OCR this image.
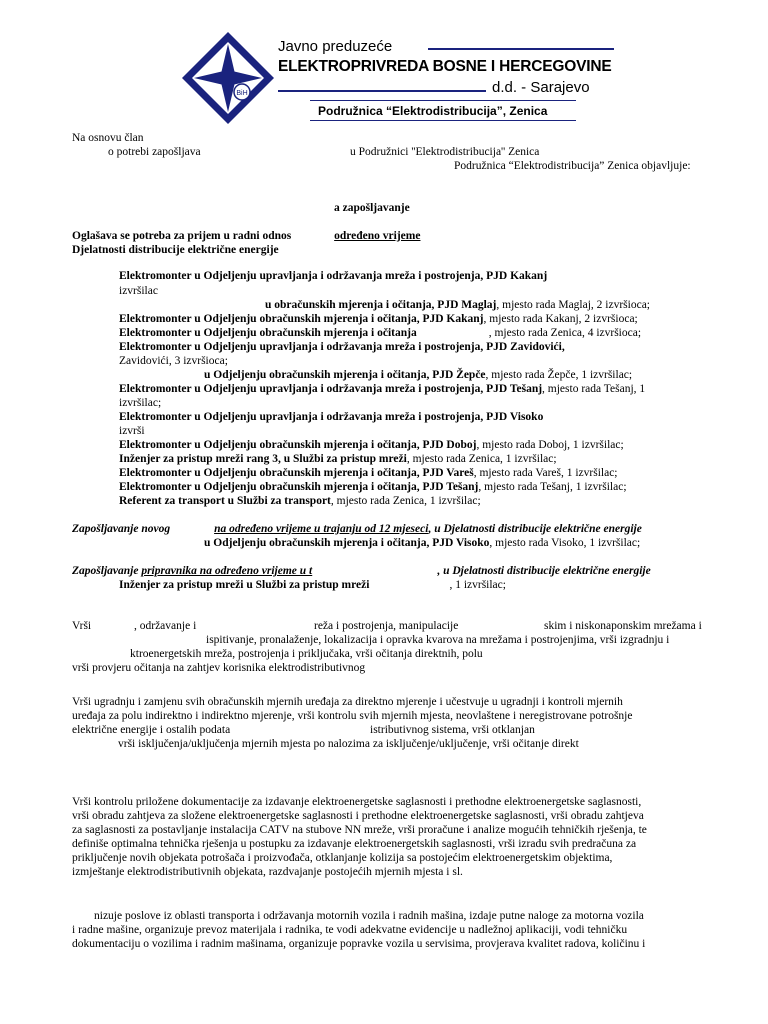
BiH
Javno preduzeće
ELEKTROPRIVREDA BOSNE I HERCEGOVINE
d.d. - Sarajevo
Podružnica “Elektrodistribucija”, Zenica
Na osnovu član
o potrebi zapošljava	u Podružnici ''Elektrodistribucija'' Zenica
Podružnica “Elektrodistribucija” Zenica objavljuje:
a zapošljavanje
Oglašava se potreba za prijem u radni odnos	određeno vrijeme
Djelatnosti distribucije električne energije
Elektromonter u Odjeljenju upravljanja i održavanja mreža i postrojenja, PJD Kakanj
izvršilac
u obračunskih mjerenja i očitanja, PJD Maglaj, mjesto rada Maglaj, 2 izvršioca;
Elektromonter u Odjeljenju obračunskih mjerenja i očitanja, PJD Kakanj, mjesto rada Kakanj, 2 izvršioca;
Elektromonter u Odjeljenju obračunskih mjerenja i očitanja	, mjesto rada Zenica, 4 izvršioca;
Elektromonter u Odjeljenju upravljanja i održavanja mreža i postrojenja, PJD Zavidovići,
Zavidovići, 3 izvršioca;
u Odjeljenju obračunskih mjerenja i očitanja, PJD Žepče, mjesto rada Žepče, 1 izvršilac;
Elektromonter u Odjeljenju upravljanja i održavanja mreža i postrojenja, PJD Tešanj, mjesto rada Tešanj, 1
izvršilac;
Elektromonter u Odjeljenju upravljanja i održavanja mreža i postrojenja, PJD Visoko
izvrši
Elektromonter u Odjeljenju obračunskih mjerenja i očitanja, PJD Doboj, mjesto rada Doboj, 1 izvršilac;
Inženjer za pristup mreži rang 3, u Službi za pristup mreži, mjesto rada Zenica, 1 izvršilac;
Elektromonter u Odjeljenju obračunskih mjerenja i očitanja, PJD Vareš, mjesto rada Vareš, 1 izvršilac;
Elektromonter u Odjeljenju obračunskih mjerenja i očitanja, PJD Tešanj, mjesto rada Tešanj, 1 izvršilac;
Referent za transport u Službi za transport, mjesto rada Zenica, 1 izvršilac;
Zapošljavanje novog	na određeno vrijeme u trajanju od 12 mjeseci, u Djelatnosti distribucije električne energije
u Odjeljenju obračunskih mjerenja i očitanja, PJD Visoko, mjesto rada Visoko, 1 izvršilac;
Zapošljavanje pripravnika na određeno vrijeme u t	, u Djelatnosti distribucije električne energije
Inženjer za pristup mreži u Službi za pristup mreži	, 1 izvršilac;
Vrši	, održavanje i	reža i postrojenja, manipulacije	skim i niskonaponskim mrežama i
ispitivanje, pronalaženje, lokalizacija i opravka kvarova na mrežama i postrojenjima, vrši izgradnju i
ktroenergetskih mreža, postrojenja i priključaka, vrši očitanja direktnih, polu
vrši provjeru očitanja na zahtjev korisnika elektrodistributivnog
Vrši ugradnju i zamjenu svih obračunskih mjernih uređaja za direktno mjerenje i učestvuje u ugradnji i kontroli mjernih
uređaja za polu indirektno i indirektno mjerenje, vrši kontrolu svih mjernih mjesta, neovlaštene i neregistrovane potrošnje
električne energije i ostalih podata	istributivnog sistema, vrši otklanjan
vrši isključenja/uključenja mjernih mjesta po nalozima za isključenje/uključenje, vrši očitanje direkt
Vrši kontrolu priložene dokumentacije za izdavanje elektroenergetske saglasnosti i prethodne elektroenergetske saglasnosti,
vrši obradu zahtjeva za složene elektroenergetske saglasnosti i prethodne elektroenergetske saglasnosti, vrši obradu zahtjeva
za saglasnosti za postavljanje instalacija CATV na stubove NN mreže, vrši proračune i analize mogućih tehničkih rješenja, te
definiše optimalna tehnička rješenja u postupku za izdavanje elektroenergetskih saglasnosti, vrši izradu svih predračuna za
priključenje novih objekata potrošača i proizvođača, otklanjanje kolizija sa postojećim elektroenergetskim objektima,
izmještanje elektrodistributivnih objekata, razdvajanje postojećih mjernih mjesta i sl.
nizuje poslove iz oblasti transporta i održavanja motornih vozila i radnih mašina, izdaje putne naloge za motorna vozila
i radne mašine, organizuje prevoz materijala i radnika, te vodi adekvatne evidencije u nadležnoj aplikaciji, vodi tehničku
dokumentaciju o vozilima i radnim mašinama, organizuje popravke vozila u servisima, provjerava kvalitet radova, količinu i
